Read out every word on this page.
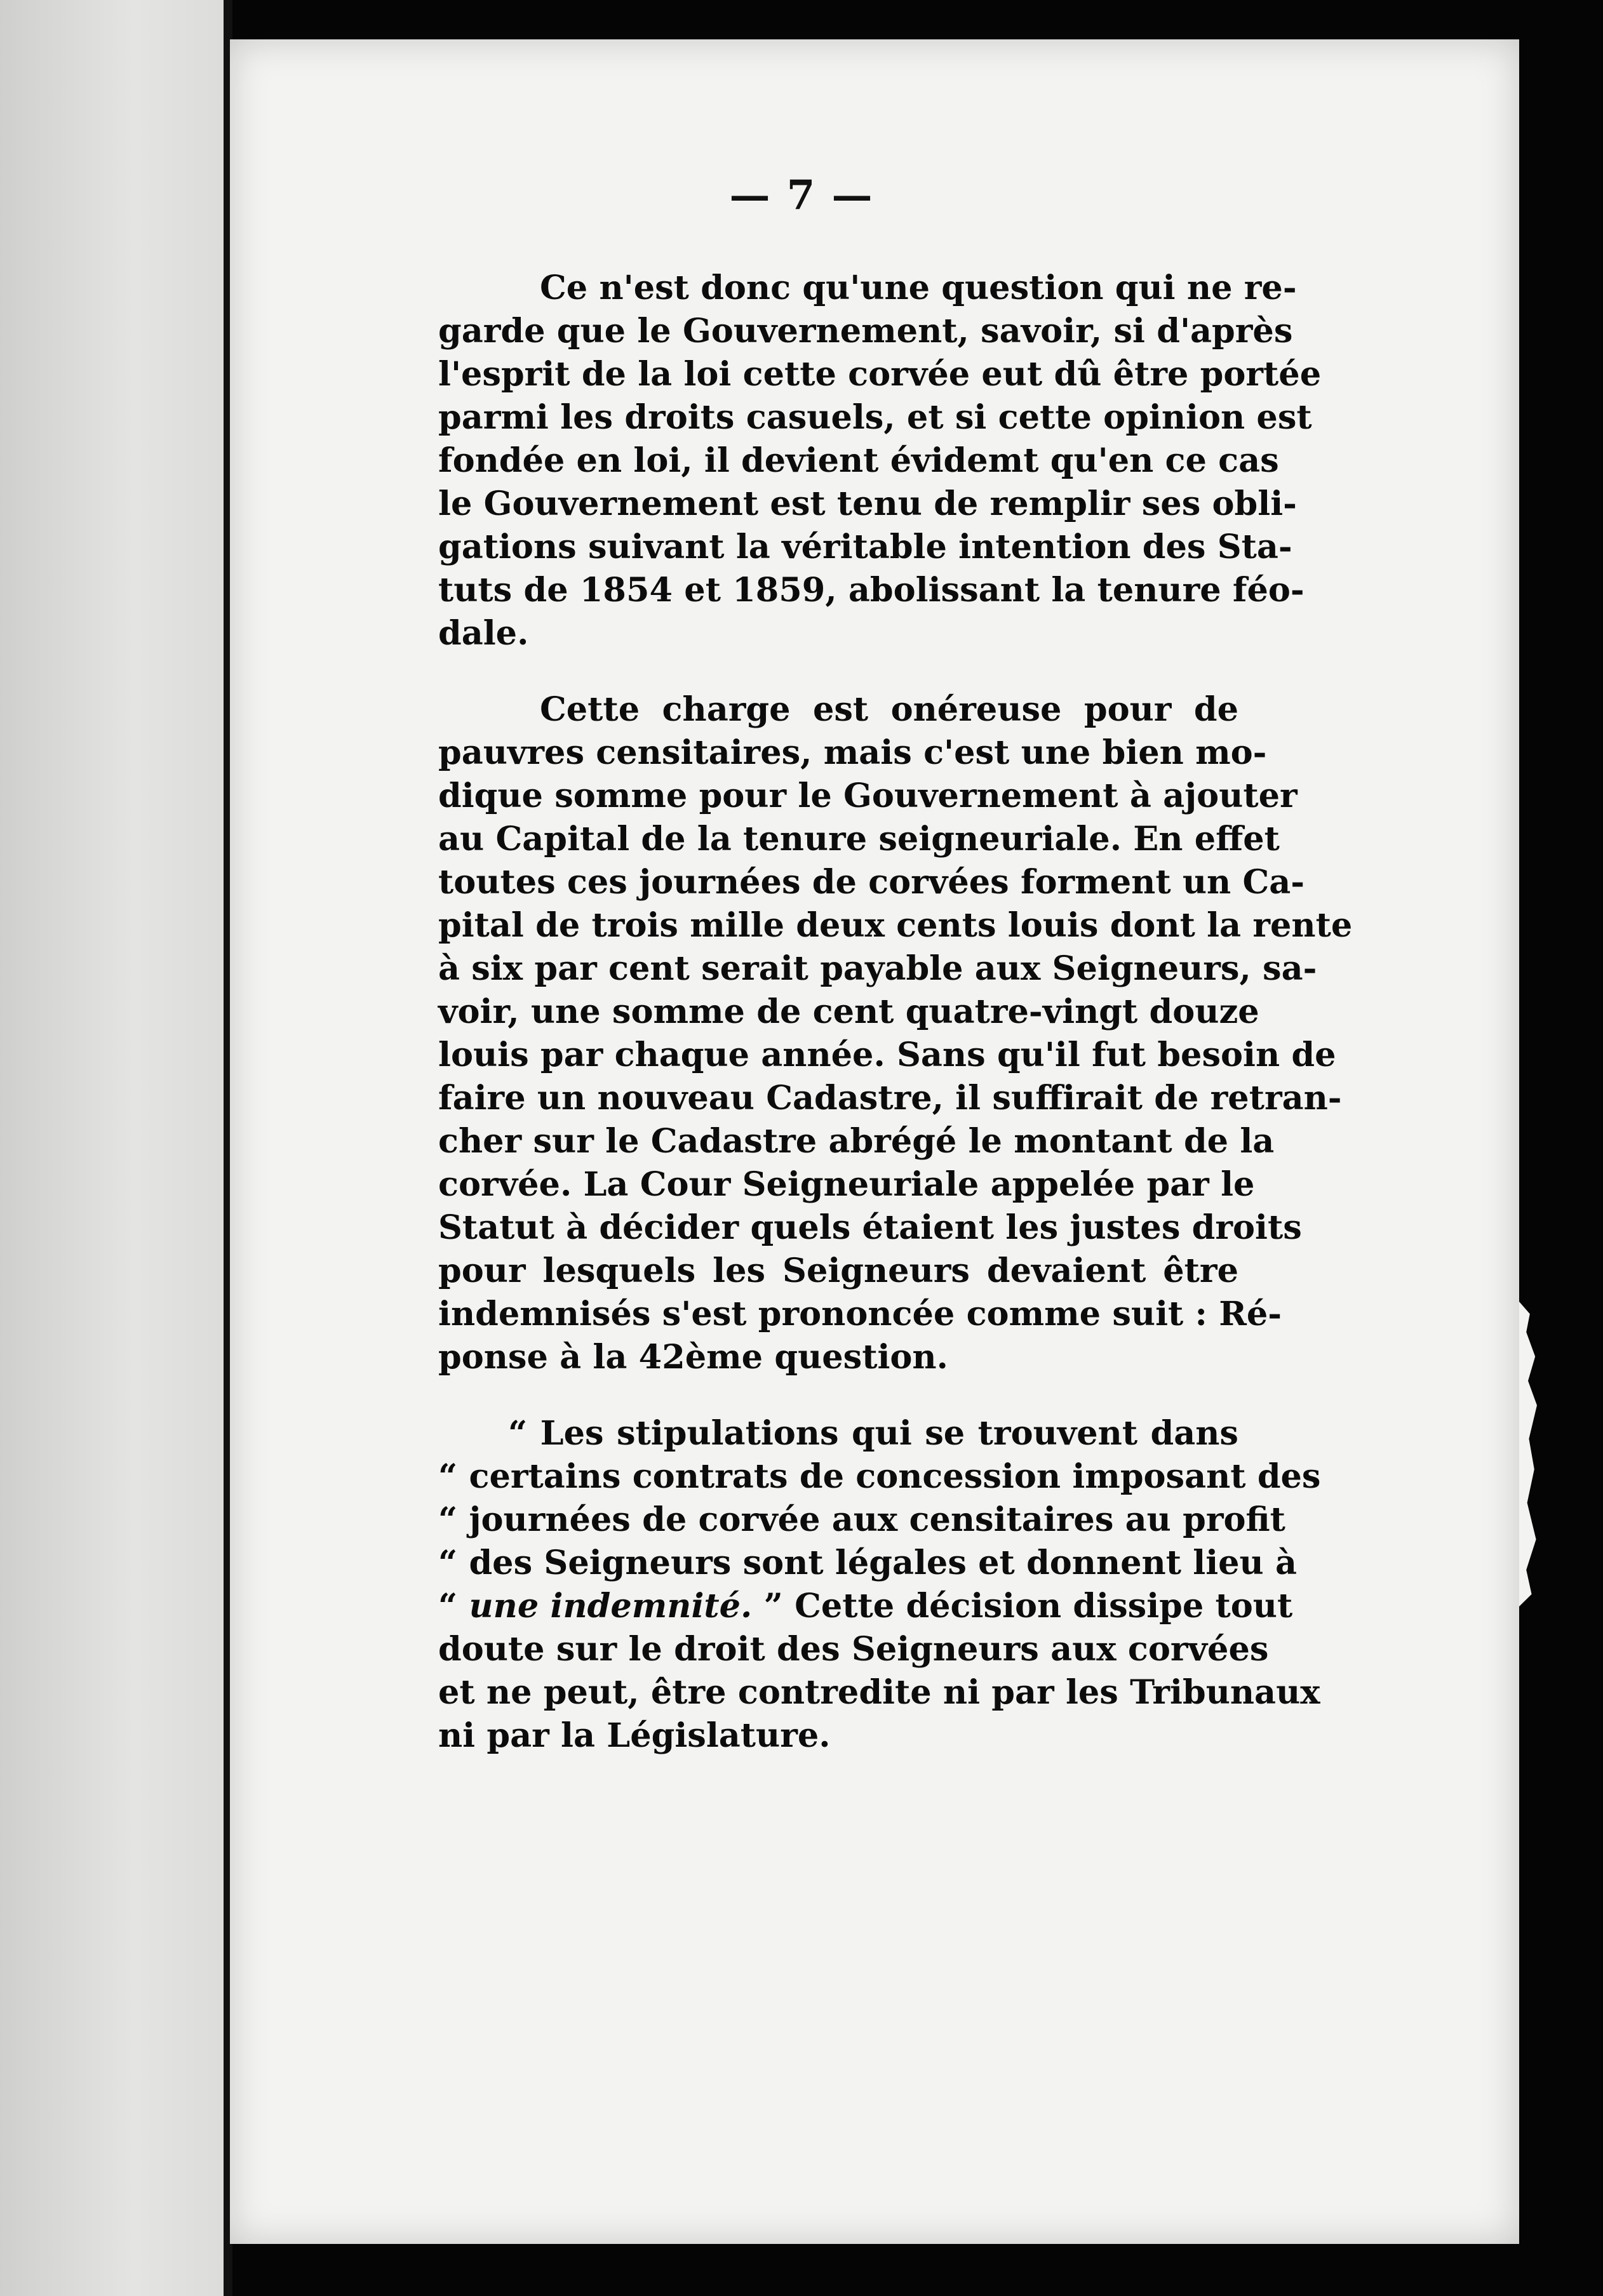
— 7 —

Ce n'est donc qu'une question qui ne re-
garde que le Gouvernement, savoir, si d'après
l'esprit de la loi cette corvée eut dû être portée
parmi les droits casuels, et si cette opinion est
fondée en loi, il devient évidemt qu'en ce cas
le Gouvernement est tenu de remplir ses obli-
gations suivant la véritable intention des Sta-
tuts de 1854 et 1859, abolissant la tenure féo-
dale.

Cette charge est onéreuse pour de
pauvres censitaires, mais c'est une bien mo-
dique somme pour le Gouvernement à ajouter
au Capital de la tenure seigneuriale. En effet
toutes ces journées de corvées forment un Ca-
pital de trois mille deux cents louis dont la rente
à six par cent serait payable aux Seigneurs, sa-
voir, une somme de cent quatre-vingt douze
louis par chaque année. Sans qu'il fut besoin de
faire un nouveau Cadastre, il suffirait de retran-
cher sur le Cadastre abrégé le montant de la
corvée. La Cour Seigneuriale appelée par le
Statut à décider quels étaient les justes droits
pour lesquels les Seigneurs devaient être
indemnisés s'est prononcée comme suit : Ré-
ponse à la 42ème question.

“ Les stipulations qui se trouvent dans
“ certains contrats de concession imposant des
“ journées de corvée aux censitaires au profit
“ des Seigneurs sont légales et donnent lieu à
“ une indemnité. ” Cette décision dissipe tout
doute sur le droit des Seigneurs aux corvées
et ne peut, être contredite ni par les Tribunaux
ni par la Législature.
